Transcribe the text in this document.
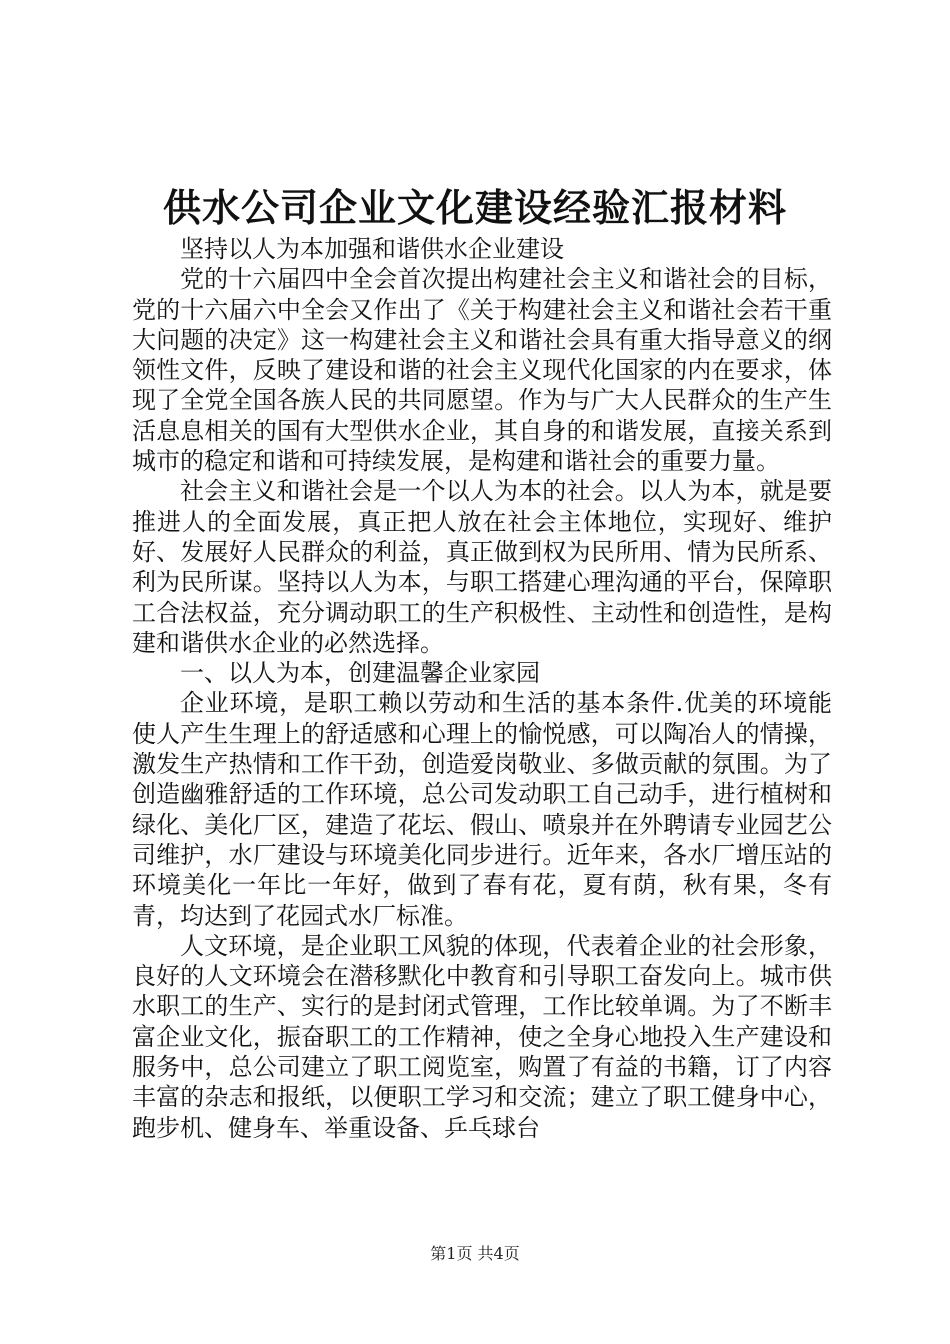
供水公司企业文化建设经验汇报材料

坚持以人为本加强和谐供水企业建设

党的十六届四中全会首次提出构建社会主义和谐社会的目标，党的十六届六中全会又作出了《关于构建社会主义和谐社会若干重大问题的决定》这一构建社会主义和谐社会具有重大指导意义的纲领性文件，反映了建设和谐的社会主义现代化国家的内在要求，体现了全党全国各族人民的共同愿望。作为与广大人民群众的生产生活息息相关的国有大型供水企业，其自身的和谐发展，直接关系到城市的稳定和谐和可持续发展，是构建和谐社会的重要力量。

社会主义和谐社会是一个以人为本的社会。以人为本，就是要推进人的全面发展，真正把人放在社会主体地位，实现好、维护好、发展好人民群众的利益，真正做到权为民所用、情为民所系、利为民所谋。坚持以人为本，与职工搭建心理沟通的平台，保障职工合法权益，充分调动职工的生产积极性、主动性和创造性，是构建和谐供水企业的必然选择。

一、以人为本，创建温馨企业家园

企业环境，是职工赖以劳动和生活的基本条件.优美的环境能使人产生生理上的舒适感和心理上的愉悦感，可以陶冶人的情操，激发生产热情和工作干劲，创造爱岗敬业、多做贡献的氛围。为了创造幽雅舒适的工作环境，总公司发动职工自己动手，进行植树和绿化、美化厂区，建造了花坛、假山、喷泉并在外聘请专业园艺公司维护，水厂建设与环境美化同步进行。近年来，各水厂增压站的环境美化一年比一年好，做到了春有花，夏有荫，秋有果，冬有青，均达到了花园式水厂标准。

人文环境，是企业职工风貌的体现，代表着企业的社会形象，良好的人文环境会在潜移默化中教育和引导职工奋发向上。城市供水职工的生产、实行的是封闭式管理，工作比较单调。为了不断丰富企业文化，振奋职工的工作精神，使之全身心地投入生产建设和服务中，总公司建立了职工阅览室，购置了有益的书籍，订了内容丰富的杂志和报纸，以便职工学习和交流；建立了职工健身中心，跑步机、健身车、举重设备、乒乓球台

第1页 共4页
